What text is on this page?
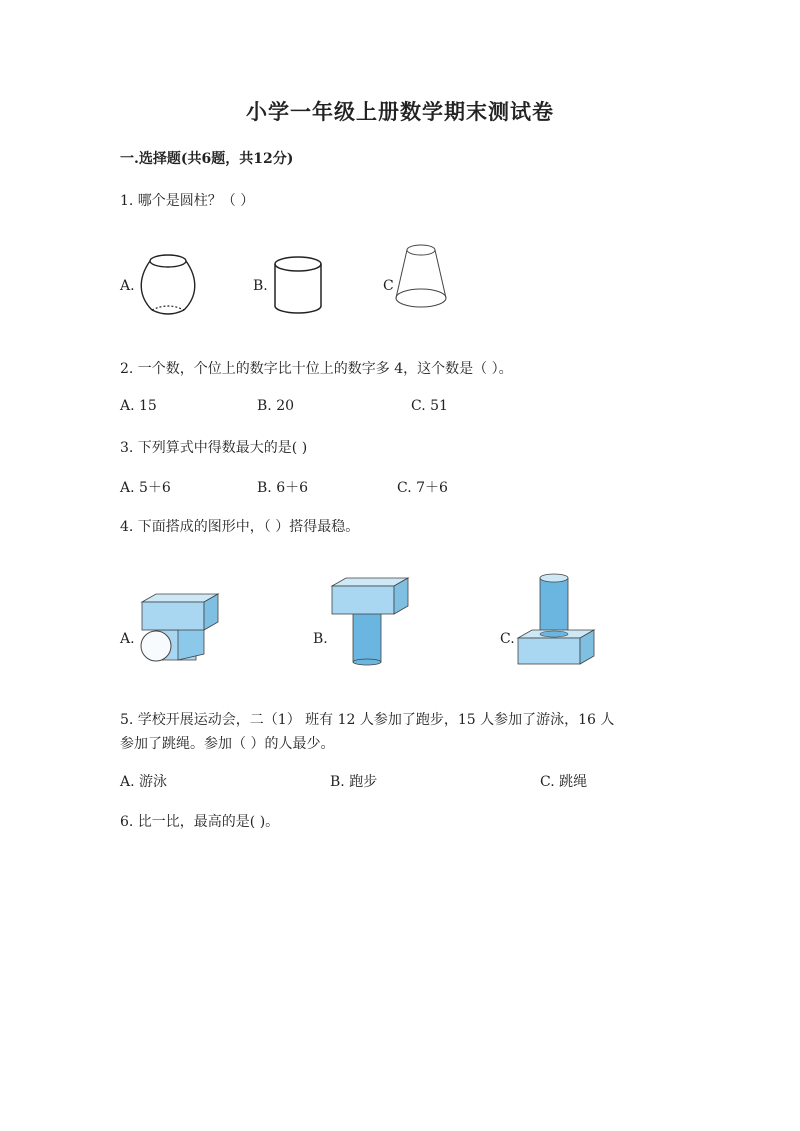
小学一年级上册数学期末测试卷
一.选择题(共6题，共12分)
1. 哪个是圆柱？（ ）
A.	B.	C
2. 一个数，个位上的数字比十位上的数字多 4，这个数是（ ）。
A. 15	B. 20	C. 51
3. 下列算式中得数最大的是( )
A. 5＋6	B. 6＋6	C. 7＋6
4. 下面搭成的图形中，（ ）搭得最稳。
A.	B.	C.
5. 学校开展运动会，二（1） 班有 12 人参加了跑步，15 人参加了游泳，16 人
参加了跳绳。参加（ ）的人最少。
A. 游泳	B. 跑步	C. 跳绳
6. 比一比，最高的是( )。
